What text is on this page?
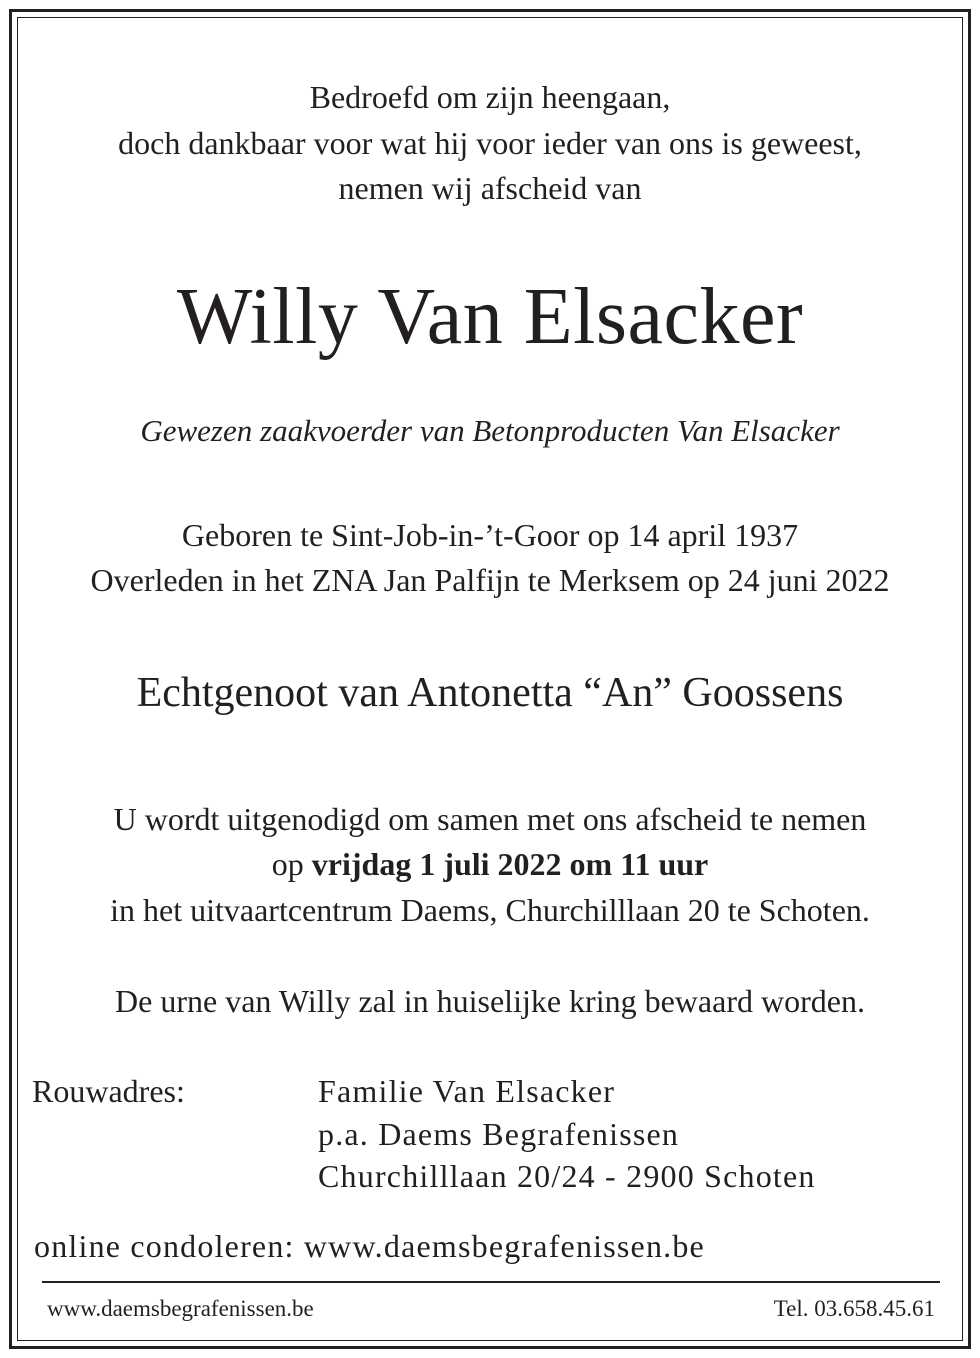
Bedroefd om zijn heengaan,
doch dankbaar voor wat hij voor ieder van ons is geweest,
nemen wij afscheid van
Willy Van Elsacker
Gewezen zaakvoerder van Betonproducten Van Elsacker
Geboren te Sint-Job-in-’t-Goor op 14 april 1937
Overleden in het ZNA Jan Palfijn te Merksem op 24 juni 2022
Echtgenoot van Antonetta “An” Goossens
U wordt uitgenodigd om samen met ons afscheid te nemen
op vrijdag 1 juli 2022 om 11 uur
in het uitvaartcentrum Daems, Churchilllaan 20 te Schoten.
De urne van Willy zal in huiselijke kring bewaard worden.
Rouwadres:	Familie Van Elsacker
p.a. Daems Begrafenissen
Churchilllaan 20/24 - 2900 Schoten
online condoleren: www.daemsbegrafenissen.be
www.daemsbegrafenissen.be	Tel. 03.658.45.61
